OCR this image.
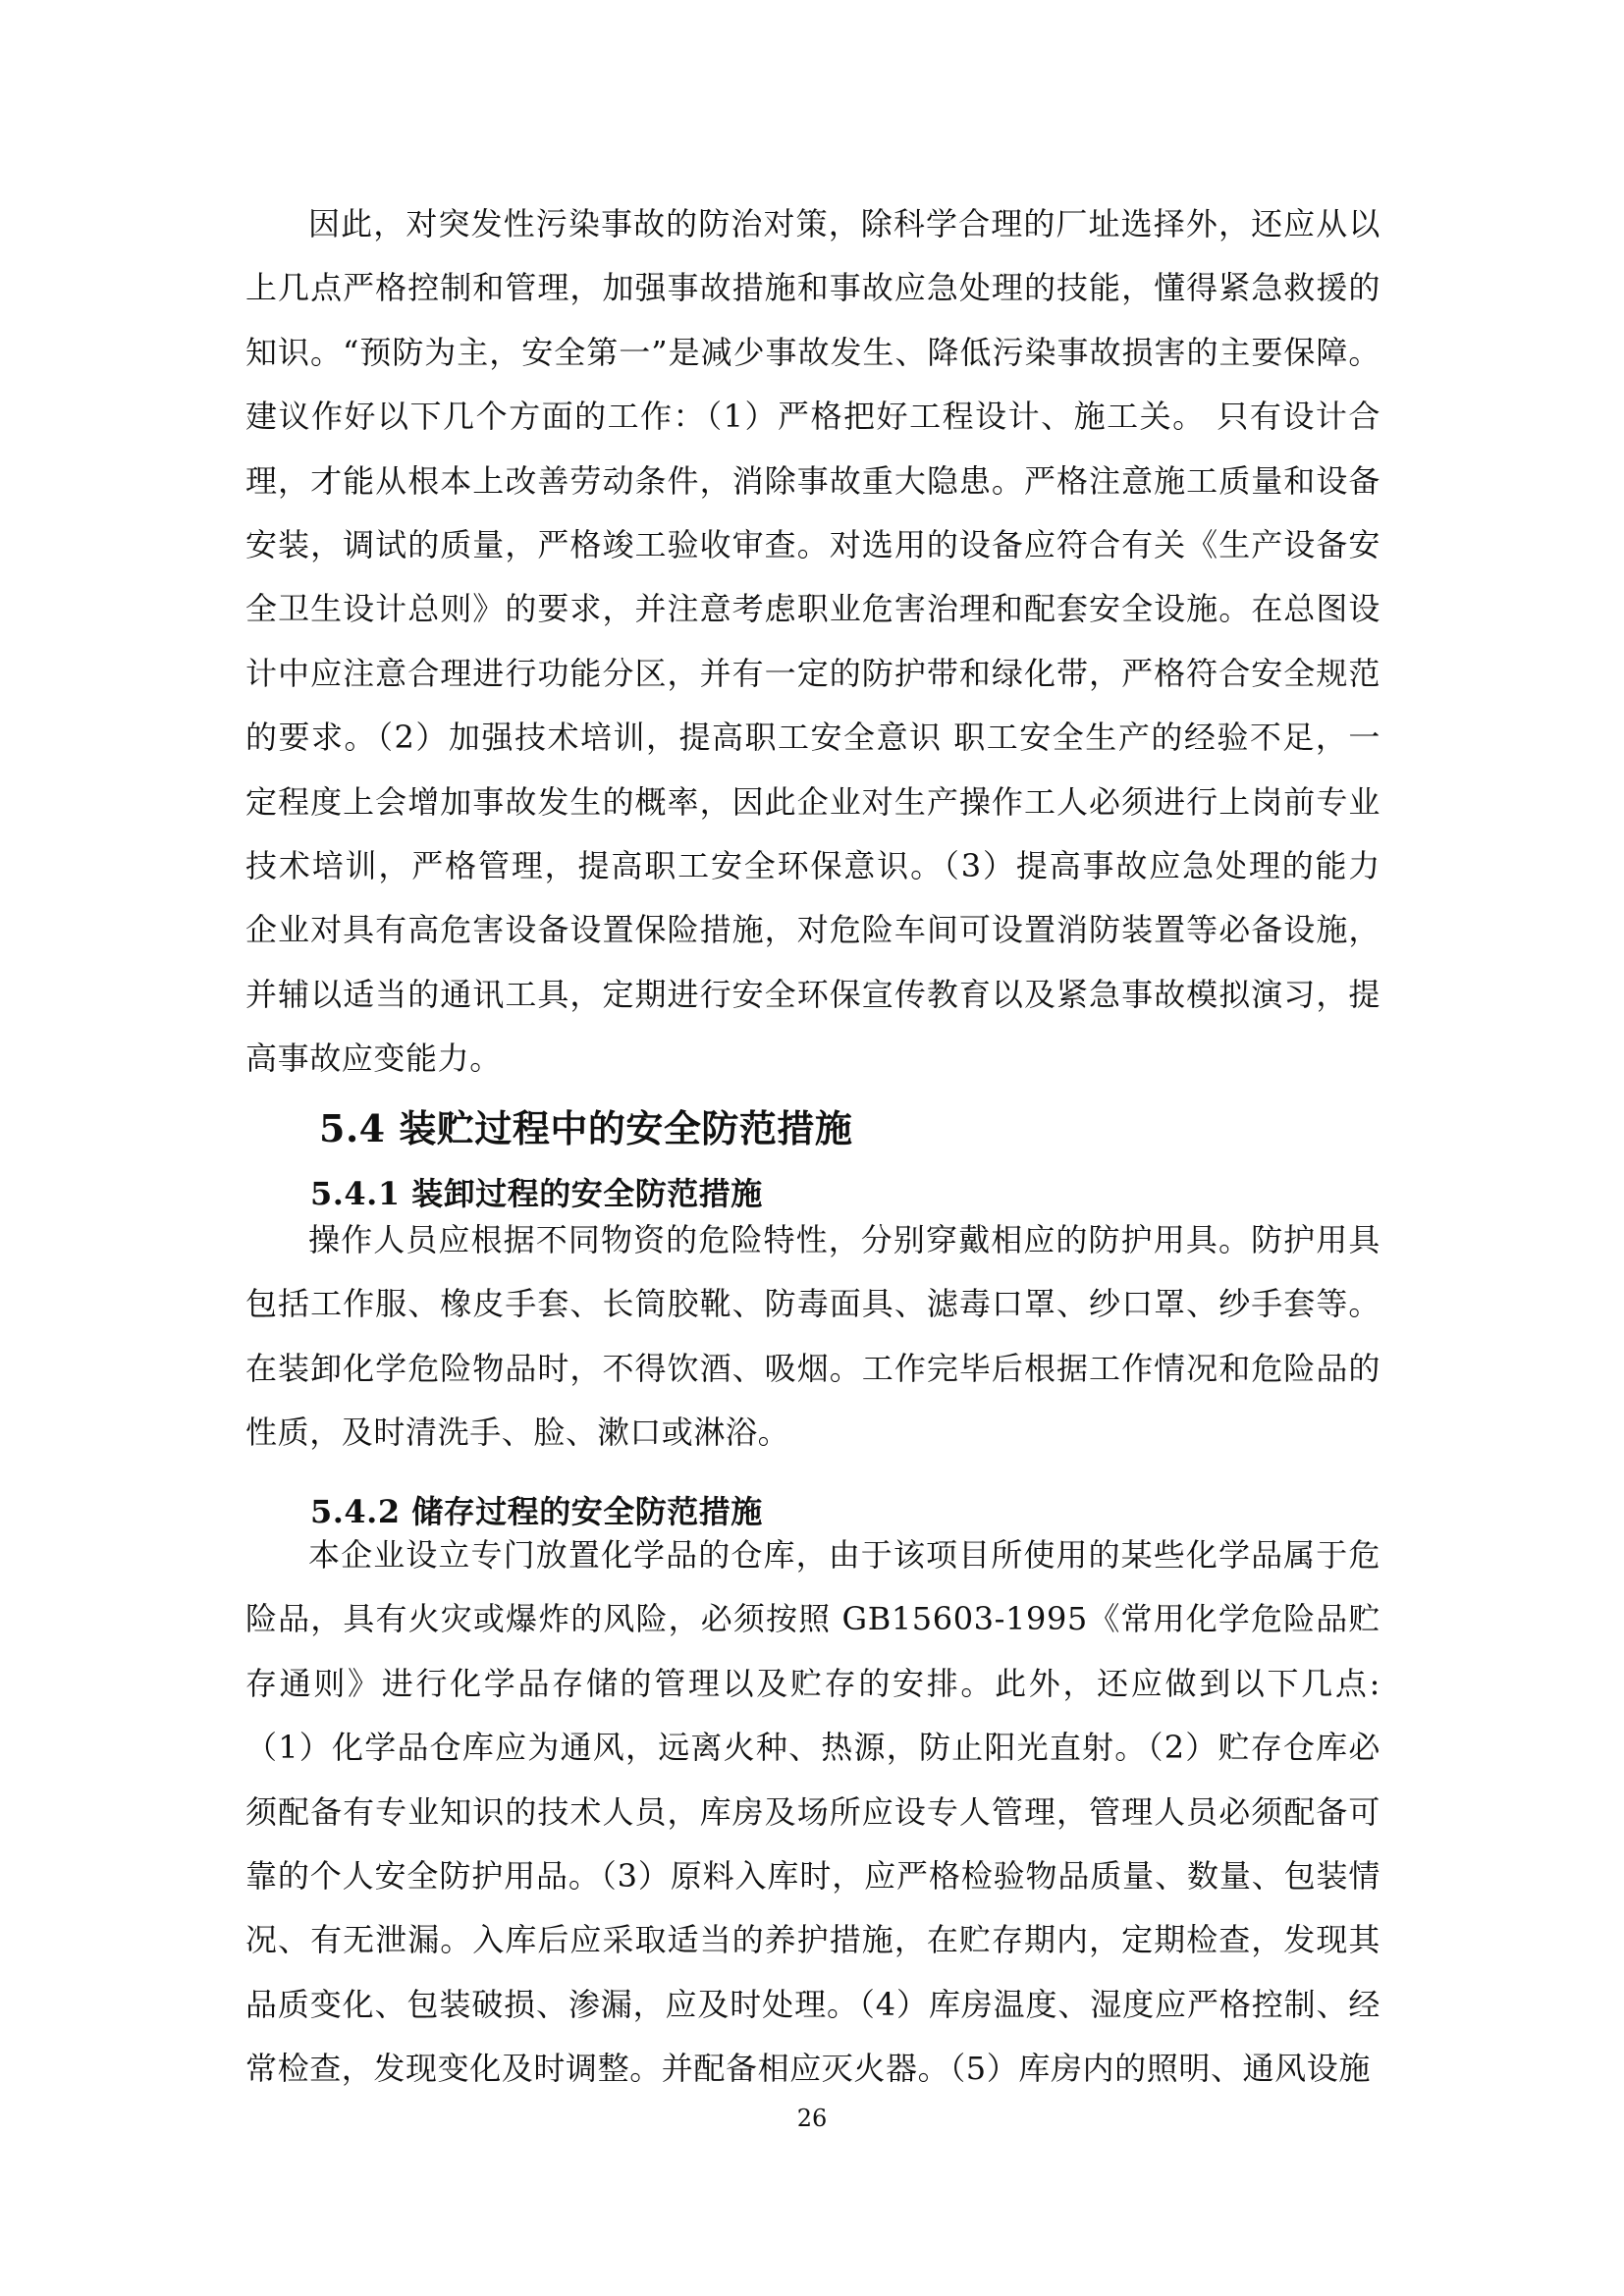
因此，对突发性污染事故的防治对策，除科学合理的厂址选择外，还应从以上几点严格控制和管理，加强事故措施和事故应急处理的技能，懂得紧急救援的知识。“预防为主，安全第一”是减少事故发生、降低污染事故损害的主要保障。建议作好以下几个方面的工作：（1）严格把好工程设计、施工关。 只有设计合理，才能从根本上改善劳动条件，消除事故重大隐患。严格注意施工质量和设备安装，调试的质量，严格竣工验收审查。对选用的设备应符合有关《生产设备安全卫生设计总则》的要求，并注意考虑职业危害治理和配套安全设施。在总图设计中应注意合理进行功能分区，并有一定的防护带和绿化带，严格符合安全规范的要求。（2）加强技术培训，提高职工安全意识 职工安全生产的经验不足，一定程度上会增加事故发生的概率，因此企业对生产操作工人必须进行上岗前专业技术培训，严格管理，提高职工安全环保意识。（3）提高事故应急处理的能力 企业对具有高危害设备设置保险措施，对危险车间可设置消防装置等必备设施，并辅以适当的通讯工具，定期进行安全环保宣传教育以及紧急事故模拟演习，提高事故应变能力。

5.4 装贮过程中的安全防范措施
5.4.1 装卸过程的安全防范措施

操作人员应根据不同物资的危险特性，分别穿戴相应的防护用具。防护用具包括工作服、橡皮手套、长筒胶靴、防毒面具、滤毒口罩、纱口罩、纱手套等。在装卸化学危险物品时，不得饮酒、吸烟。工作完毕后根据工作情况和危险品的性质，及时清洗手、脸、漱口或淋浴。

5.4.2 储存过程的安全防范措施

本企业设立专门放置化学品的仓库，由于该项目所使用的某些化学品属于危险品，具有火灾或爆炸的风险，必须按照 GB15603-1995《常用化学危险品贮存通则》进行化学品存储的管理以及贮存的安排。此外，还应做到以下几点:（1）化学品仓库应为通风，远离火种、热源，防止阳光直射。（2）贮存仓库必须配备有专业知识的技术人员，库房及场所应设专人管理，管理人员必须配备可靠的个人安全防护用品。（3）原料入库时，应严格检验物品质量、数量、包装情况、有无泄漏。入库后应采取适当的养护措施，在贮存期内，定期检查，发现其品质变化、包装破损、渗漏，应及时处理。（4）库房温度、湿度应严格控制、经常检查，发现变化及时调整。并配备相应灭火器。（5）库房内的照明、通风设施

26
